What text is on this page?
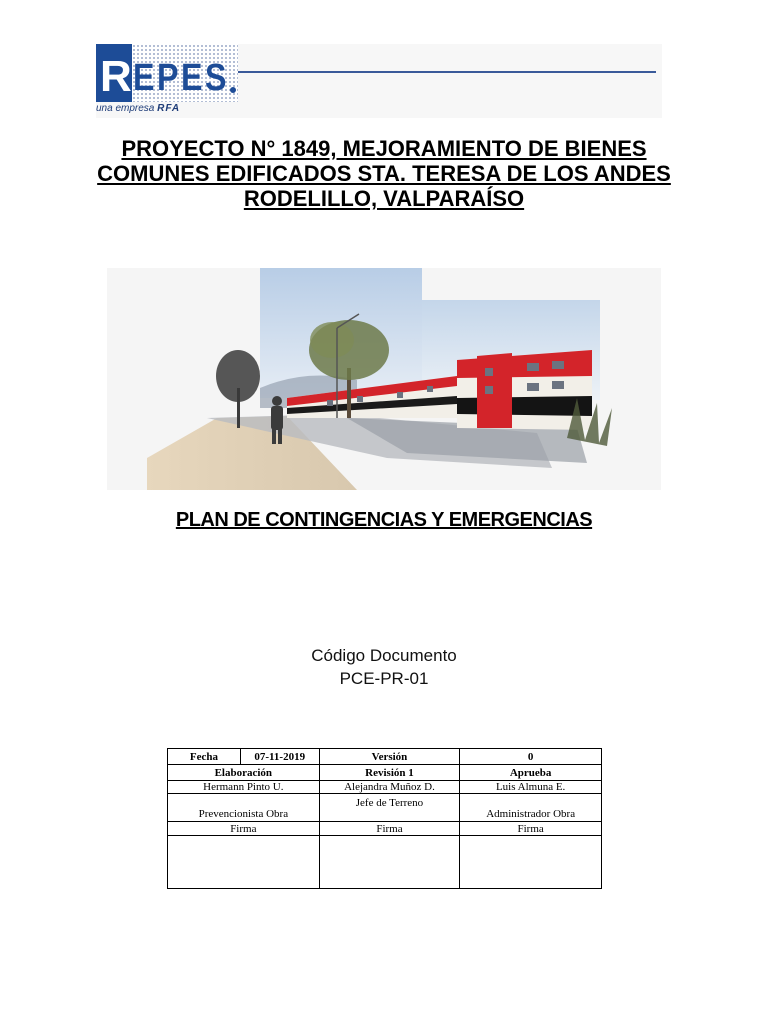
R EPES
una empresa RFA
PROYECTO N° 1849, MEJORAMIENTO DE BIENES COMUNES EDIFICADOS STA. TERESA DE LOS ANDES RODELILLO, VALPARAÍSO
PLAN DE CONTINGENCIAS Y EMERGENCIAS
Código Documento
PCE-PR-01
Fecha	07-11-2019	Versión	0
Elaboración		Revisión 1	Aprueba
Hermann Pinto U.		Alejandra Muñoz D.	Luis Almuna E.
Prevencionista Obra		Jefe de Terreno	Administrador Obra
Firma		Firma	Firma
